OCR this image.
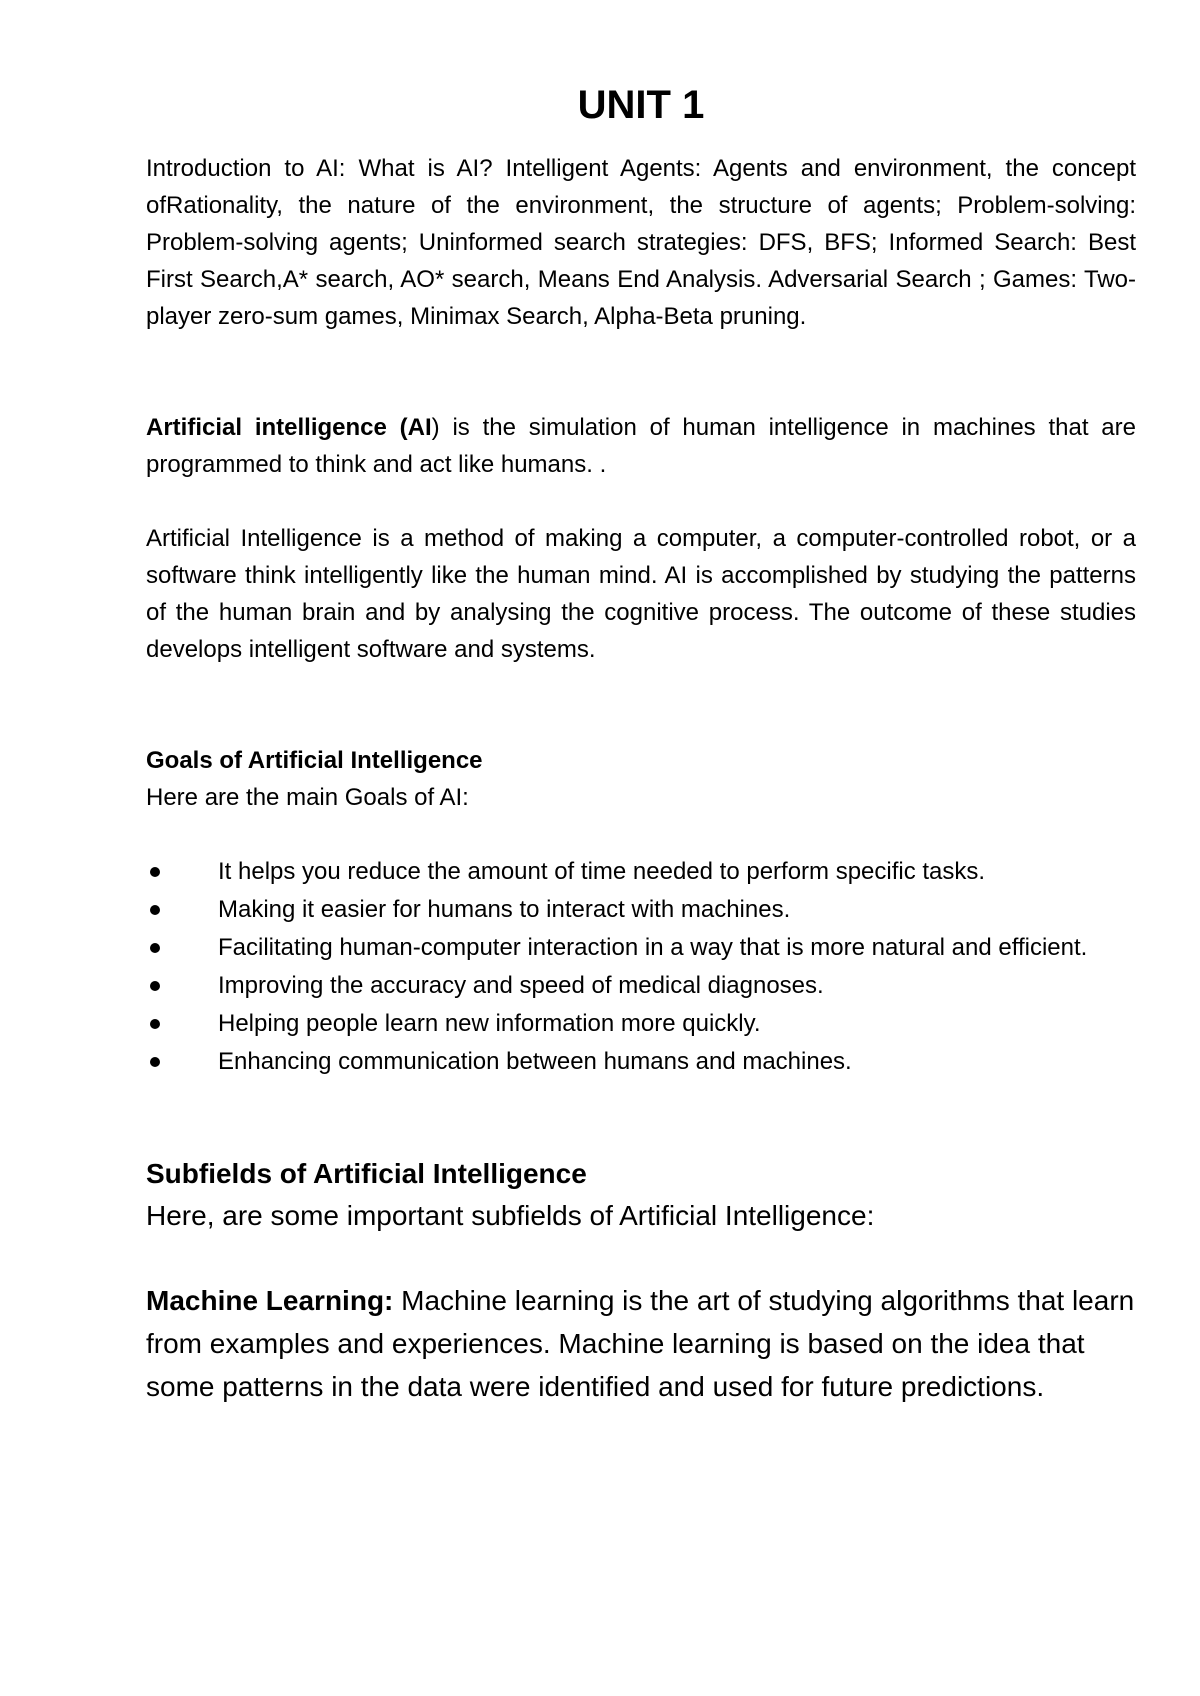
UNIT 1

Introduction to AI: What is AI? Intelligent Agents: Agents and environment, the concept ofRationality, the nature of the environment, the structure of agents; Problem-solving: Problem-solving agents; Uninformed search strategies: DFS, BFS; Informed Search: Best First Search,A* search, AO* search, Means End Analysis. Adversarial Search ; Games: Two-player zero-sum games, Minimax Search, Alpha-Beta pruning.

Artificial intelligence (AI) is the simulation of human intelligence in machines that are programmed to think and act like humans. .

Artificial Intelligence is a method of making a computer, a computer-controlled robot, or a software think intelligently like the human mind. AI is accomplished by studying the patterns of the human brain and by analysing the cognitive process. The outcome of these studies develops intelligent software and systems.

Goals of Artificial Intelligence

Here are the main Goals of AI:

It helps you reduce the amount of time needed to perform specific tasks.
Making it easier for humans to interact with machines.
Facilitating human-computer interaction in a way that is more natural and efficient.
Improving the accuracy and speed of medical diagnoses.
Helping people learn new information more quickly.
Enhancing communication between humans and machines.

Subfields of Artificial Intelligence

Here, are some important subfields of Artificial Intelligence:

Machine Learning: Machine learning is the art of studying algorithms that learn from examples and experiences. Machine learning is based on the idea that some patterns in the data were identified and used for future predictions.
